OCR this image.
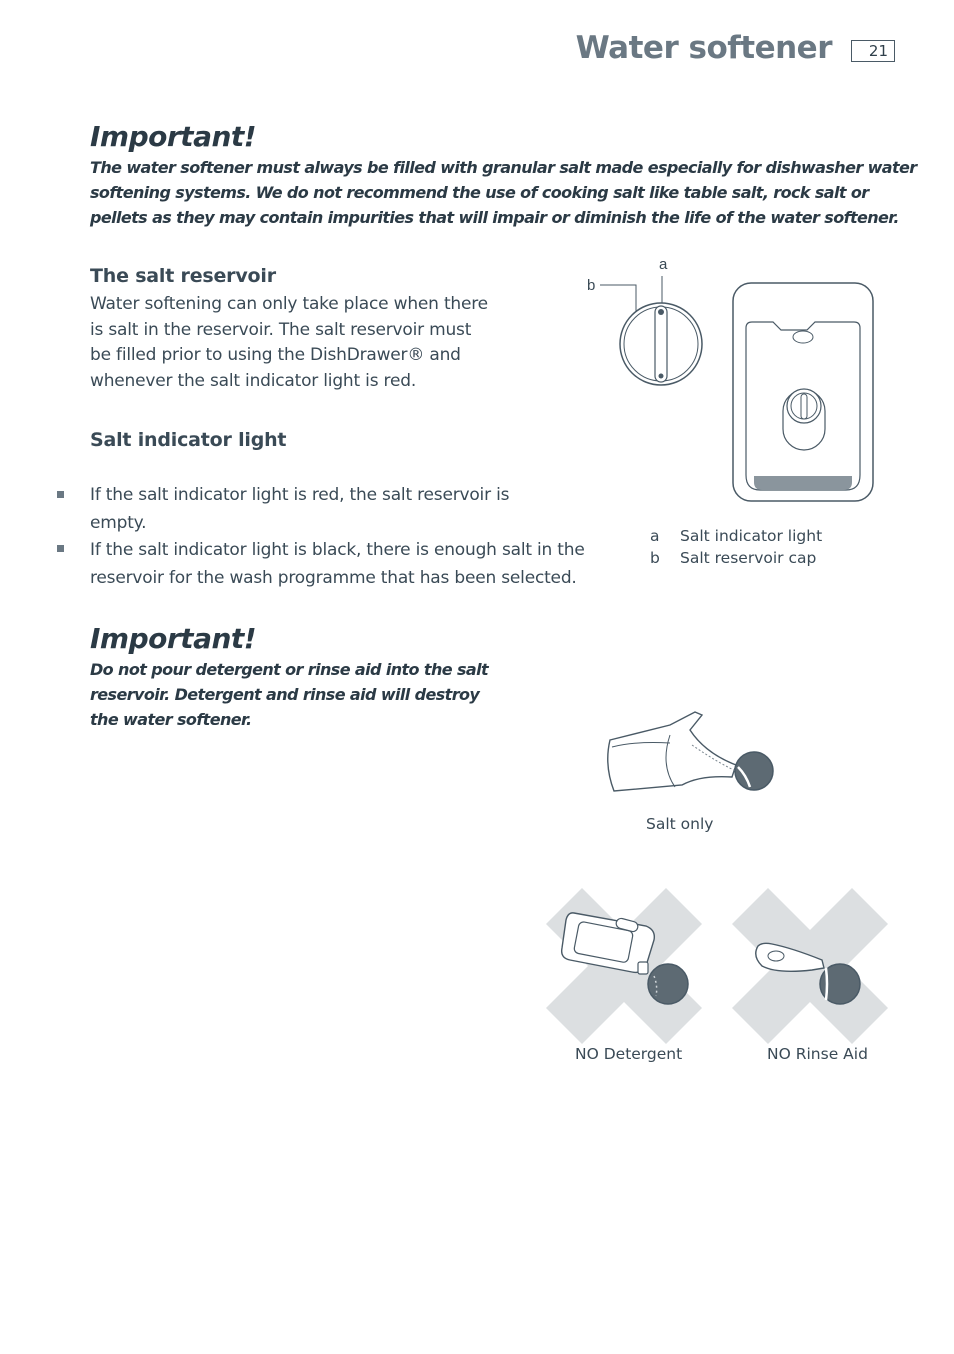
Water softener	21
Important!
The water softener must always be filled with granular salt made especially for dishwasher water
softening systems. We do not recommend the use of cooking salt like table salt, rock salt or
pellets as they may contain impurities that will impair or diminish the life of the water softener.
The salt reservoir
Water softening can only take place when there
is salt in the reservoir. The salt reservoir must
be filled prior to using the DishDrawer® and
whenever the salt indicator light is red.
Salt indicator light
If the salt indicator light is red, the salt reservoir is
empty.
If the salt indicator light is black, there is enough salt in the
reservoir for the wash programme that has been selected.
Important!
Do not pour detergent or rinse aid into the salt
reservoir. Detergent and rinse aid will destroy
the water softener.
a
b
a Salt indicator light
b Salt reservoir cap
Salt only
NO Detergent	NO Rinse Aid
